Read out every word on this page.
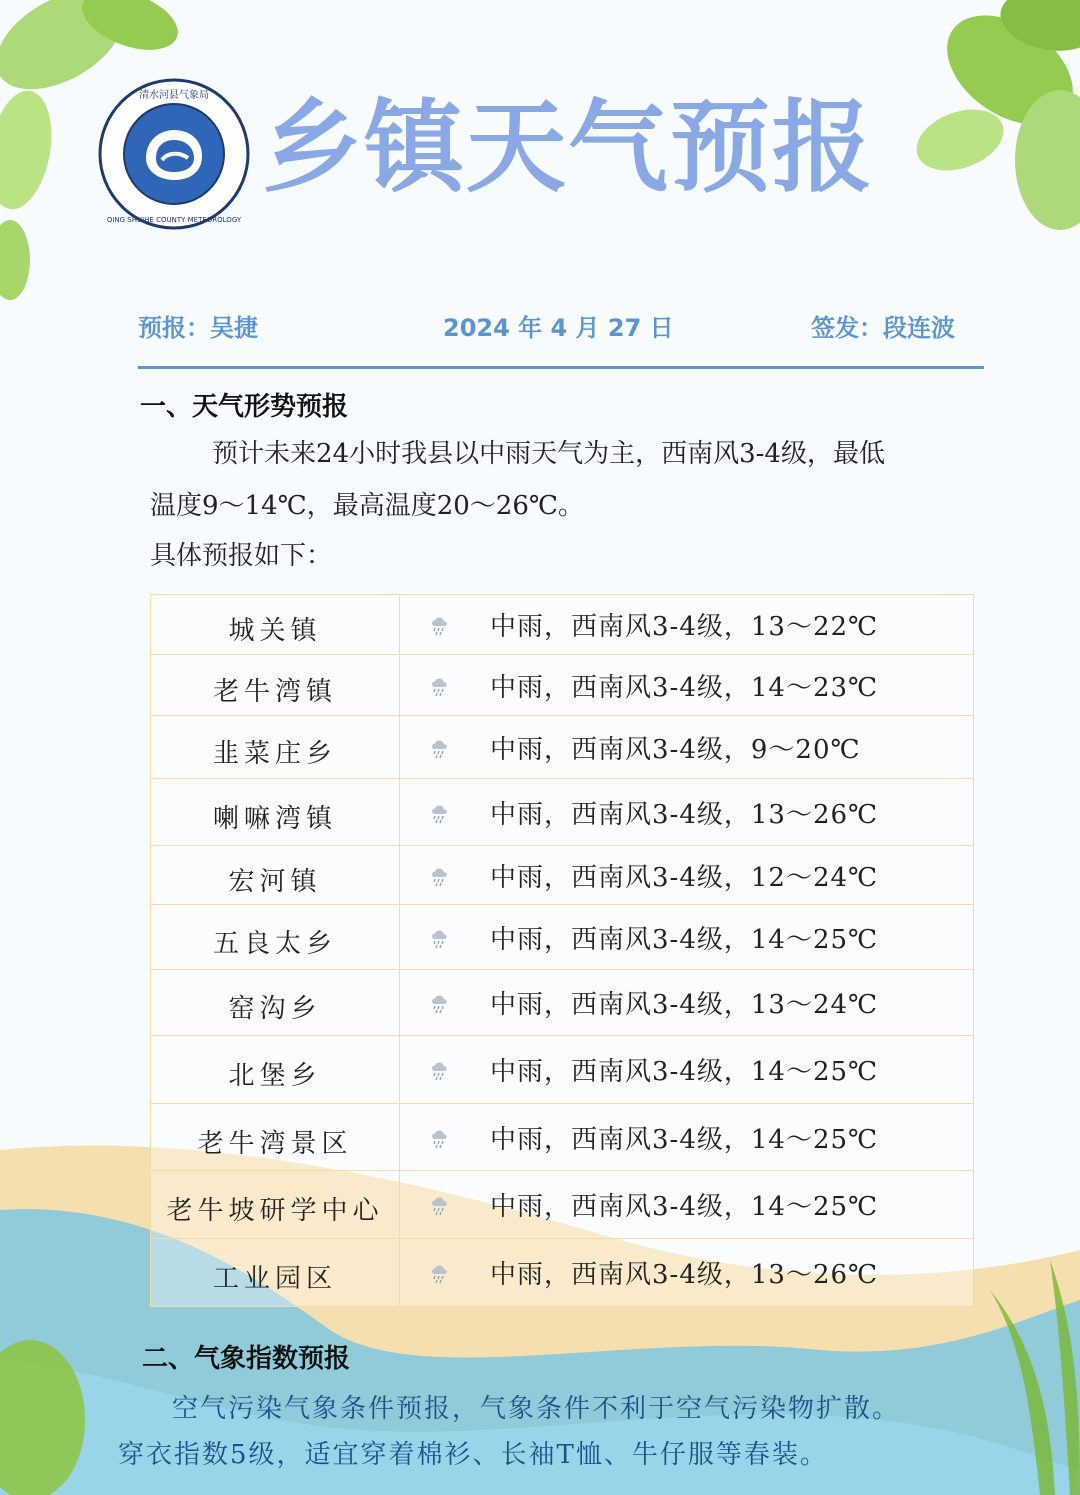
清水河县气象局
QING SHUIHE COUNTY METEOROLOGY
乡镇天气预报
预报：吴捷	2024 年 4 月 27 日	签发：段连波
一、天气形势预报
预计未来24小时我县以中雨天气为主，西南风3-4级，最低
温度9～14℃，最高温度20～26℃。
具体预报如下：
城关镇	中雨，西南风3-4级，13～22℃
老牛湾镇	中雨，西南风3-4级，14～23℃
韭菜庄乡	中雨，西南风3-4级，9～20℃
喇嘛湾镇	中雨，西南风3-4级，13～26℃
宏河镇	中雨，西南风3-4级，12～24℃
五良太乡	中雨，西南风3-4级，14～25℃
窑沟乡	中雨，西南风3-4级，13～24℃
北堡乡	中雨，西南风3-4级，14～25℃
老牛湾景区	中雨，西南风3-4级，14～25℃
老牛坡研学中心	中雨，西南风3-4级，14～25℃
工业园区	中雨，西南风3-4级，13～26℃
二、气象指数预报
空气污染气象条件预报，气象条件不利于空气污染物扩散。
穿衣指数5级，适宜穿着棉衫、长袖T恤、牛仔服等春装。
